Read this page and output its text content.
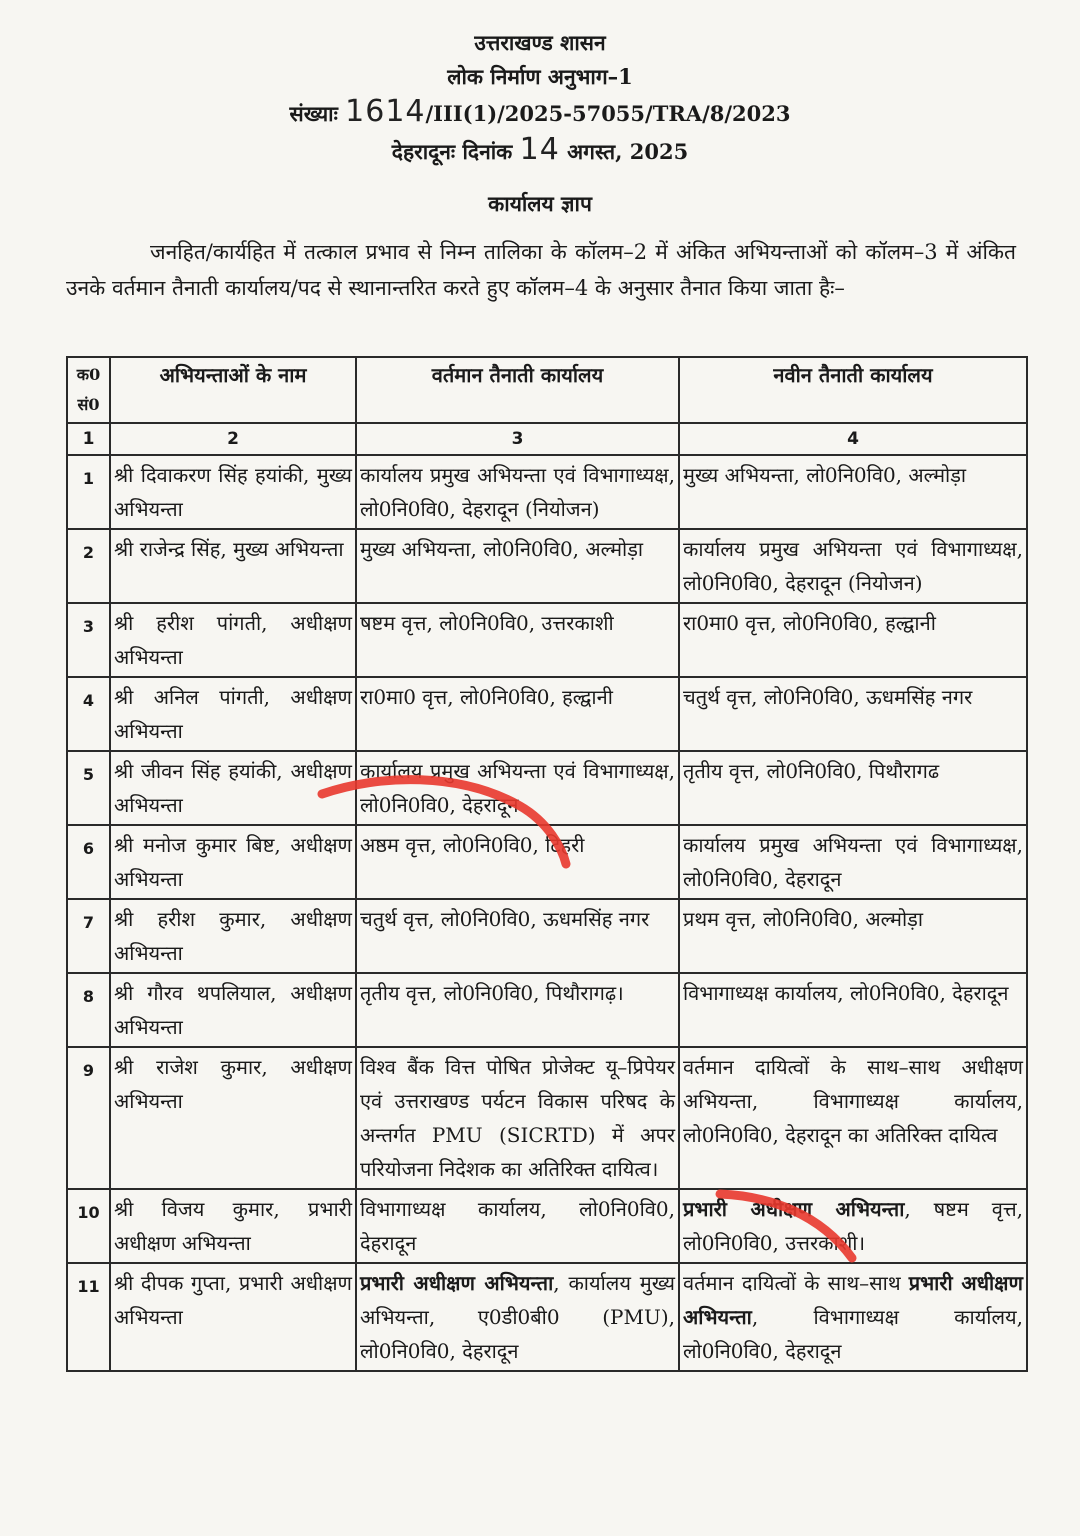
उत्तराखण्ड शासन
लोक निर्माण अनुभाग–1
संख्याः 1614/III(1)/2025-57055/TRA/8/2023
देहरादूनः दिनांक 14 अगस्त, 2025
कार्यालय ज्ञाप
जनहित/कार्यहित में तत्काल प्रभाव से निम्न तालिका के कॉलम–2 में अंकित अभियन्ताओं को कॉलम–3 में अंकित उनके वर्तमान तैनाती कार्यालय/पद से स्थानान्तरित करते हुए कॉलम–4 के अनुसार तैनात किया जाता हैः–
क0 सं0	अभियन्ताओं के नाम	वर्तमान तैनाती कार्यालय	नवीन तैनाती कार्यालय
1	2	3	4
1	श्री दिवाकरण सिंह हयांकी, मुख्य अभियन्ता	कार्यालय प्रमुख अभियन्ता एवं विभागाध्यक्ष, लो0नि0वि0, देहरादून (नियोजन)	मुख्य अभियन्ता, लो0नि0वि0, अल्मोड़ा
2	श्री राजेन्द्र सिंह, मुख्य अभियन्ता	मुख्य अभियन्ता, लो0नि0वि0, अल्मोड़ा	कार्यालय प्रमुख अभियन्ता एवं विभागाध्यक्ष, लो0नि0वि0, देहरादून (नियोजन)
3	श्री हरीश पांगती, अधीक्षण अभियन्ता	षष्टम वृत्त, लो0नि0वि0, उत्तरकाशी	रा0मा0 वृत्त, लो0नि0वि0, हल्द्वानी
4	श्री अनिल पांगती, अधीक्षण अभियन्ता	रा0मा0 वृत्त, लो0नि0वि0, हल्द्वानी	चतुर्थ वृत्त, लो0नि0वि0, ऊधमसिंह नगर
5	श्री जीवन सिंह हयांकी, अधीक्षण अभियन्ता	कार्यालय प्रमुख अभियन्ता एवं विभागाध्यक्ष, लो0नि0वि0, देहरादून	तृतीय वृत्त, लो0नि0वि0, पिथौरागढ
6	श्री मनोज कुमार बिष्ट, अधीक्षण अभियन्ता	अष्ठम वृत्त, लो0नि0वि0, टिहरी	कार्यालय प्रमुख अभियन्ता एवं विभागाध्यक्ष, लो0नि0वि0, देहरादून
7	श्री हरीश कुमार, अधीक्षण अभियन्ता	चतुर्थ वृत्त, लो0नि0वि0, ऊधमसिंह नगर	प्रथम वृत्त, लो0नि0वि0, अल्मोड़ा
8	श्री गौरव थपलियाल, अधीक्षण अभियन्ता	तृतीय वृत्त, लो0नि0वि0, पिथौरागढ़।	विभागाध्यक्ष कार्यालय, लो0नि0वि0, देहरादून
9	श्री राजेश कुमार, अधीक्षण अभियन्ता	विश्व बैंक वित्त पोषित प्रोजेक्ट यू–प्रिपेयर एवं उत्तराखण्ड पर्यटन विकास परिषद के अन्तर्गत PMU (SICRTD) में अपर परियोजना निदेशक का अतिरिक्त दायित्व।	वर्तमान दायित्वों के साथ–साथ अधीक्षण अभियन्ता, विभागाध्यक्ष कार्यालय, लो0नि0वि0, देहरादून का अतिरिक्त दायित्व
10	श्री विजय कुमार, प्रभारी अधीक्षण अभियन्ता	विभागाध्यक्ष कार्यालय, लो0नि0वि0, देहरादून	प्रभारी अधीक्षण अभियन्ता, षष्टम वृत्त, लो0नि0वि0, उत्तरकाशी।
11	श्री दीपक गुप्ता, प्रभारी अधीक्षण अभियन्ता	प्रभारी अधीक्षण अभियन्ता, कार्यालय मुख्य अभियन्ता, ए0डी0बी0 (PMU), लो0नि0वि0, देहरादून	वर्तमान दायित्वों के साथ–साथ प्रभारी अधीक्षण अभियन्ता, विभागाध्यक्ष कार्यालय, लो0नि0वि0, देहरादून
